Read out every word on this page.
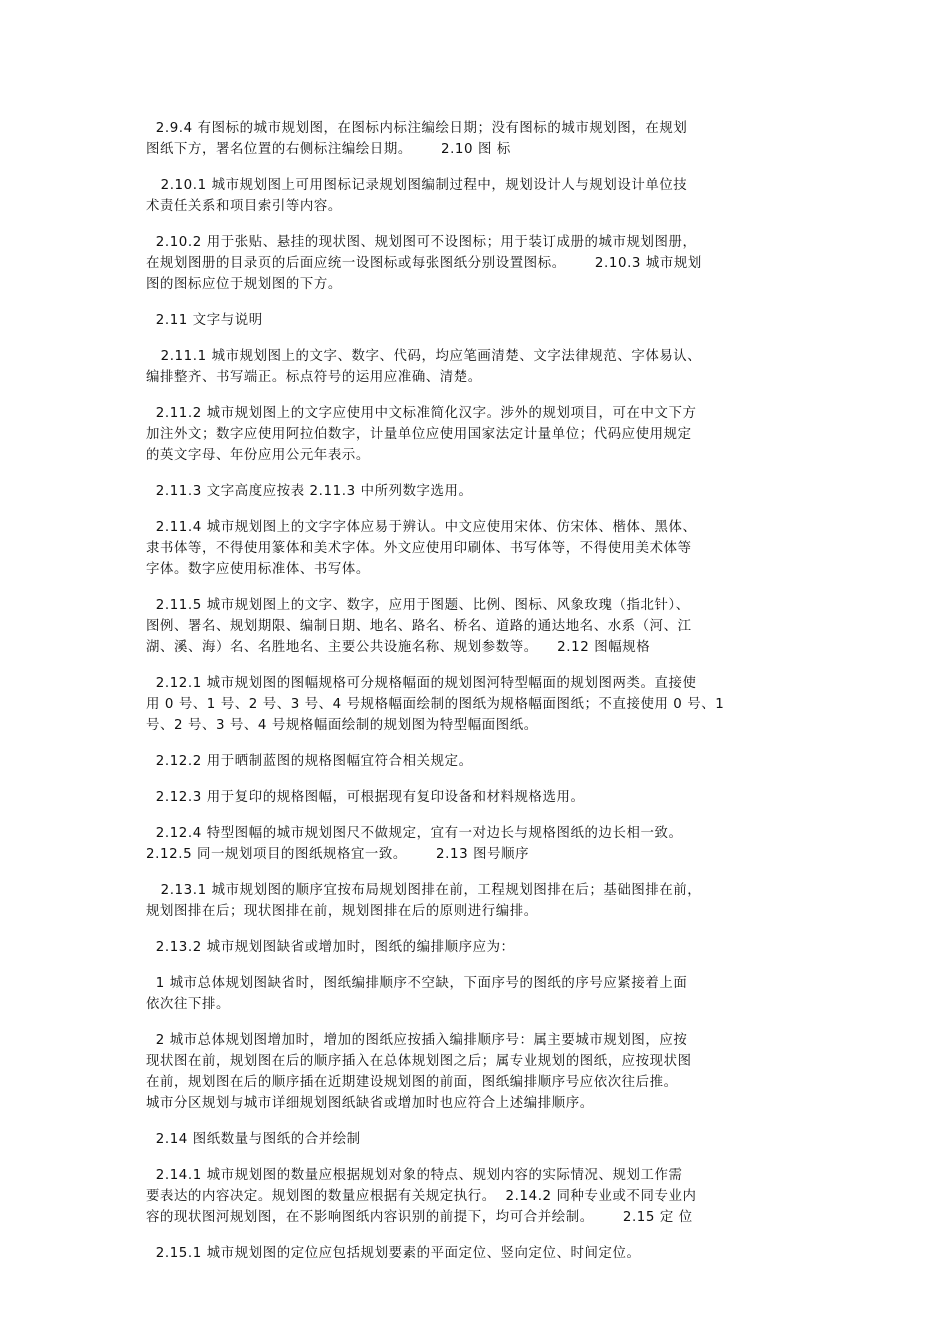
2.9.4 有图标的城市规划图，在图标内标注编绘日期；没有图标的城市规划图，在规划
图纸下方，署名位置的右侧标注编绘日期。      2.10 图 标
2.10.1 城市规划图上可用图标记录规划图编制过程中，规划设计人与规划设计单位技
术责任关系和项目索引等内容。
2.10.2 用于张贴、悬挂的现状图、规划图可不设图标；用于装订成册的城市规划图册，
在规划图册的目录页的后面应统一设图标或每张图纸分别设置图标。      2.10.3 城市规划
图的图标应位于规划图的下方。
2.11 文字与说明
2.11.1 城市规划图上的文字、数字、代码，均应笔画清楚、文字法律规范、字体易认、
编排整齐、书写端正。标点符号的运用应准确、清楚。
2.11.2 城市规划图上的文字应使用中文标准简化汉字。涉外的规划项目，可在中文下方
加注外文；数字应使用阿拉伯数字，计量单位应使用国家法定计量单位；代码应使用规定
的英文字母、年份应用公元年表示。
2.11.3 文字高度应按表 2.11.3 中所列数字选用。
2.11.4 城市规划图上的文字字体应易于辨认。中文应使用宋体、仿宋体、楷体、黑体、
隶书体等，不得使用篆体和美术字体。外文应使用印刷体、书写体等，不得使用美术体等
字体。数字应使用标准体、书写体。
2.11.5 城市规划图上的文字、数字，应用于图题、比例、图标、风象玫瑰（指北针）、
图例、署名、规划期限、编制日期、地名、路名、桥名、道路的通达地名、水系（河、江
湖、溪、海）名、名胜地名、主要公共设施名称、规划参数等。    2.12 图幅规格
2.12.1 城市规划图的图幅规格可分规格幅面的规划图河特型幅面的规划图两类。直接使
用 0 号、1 号、2 号、3 号、4 号规格幅面绘制的图纸为规格幅面图纸；不直接使用 0 号、1
号、2 号、3 号、4 号规格幅面绘制的规划图为特型幅面图纸。
2.12.2 用于晒制蓝图的规格图幅宜符合相关规定。
2.12.3 用于复印的规格图幅，可根据现有复印设备和材料规格选用。
2.12.4 特型图幅的城市规划图尺不做规定，宜有一对边长与规格图纸的边长相一致。
2.12.5 同一规划项目的图纸规格宜一致。      2.13 图号顺序
2.13.1 城市规划图的顺序宜按布局规划图排在前，工程规划图排在后；基础图排在前，
规划图排在后；现状图排在前，规划图排在后的原则进行编排。
2.13.2 城市规划图缺省或增加时，图纸的编排顺序应为：
1 城市总体规划图缺省时，图纸编排顺序不空缺，下面序号的图纸的序号应紧接着上面
依次往下排。
2 城市总体规划图增加时，增加的图纸应按插入编排顺序号：属主要城市规划图，应按
现状图在前，规划图在后的顺序插入在总体规划图之后；属专业规划的图纸，应按现状图
在前，规划图在后的顺序插在近期建设规划图的前面，图纸编排顺序号应依次往后推。
城市分区规划与城市详细规划图纸缺省或增加时也应符合上述编排顺序。
2.14 图纸数量与图纸的合并绘制
2.14.1 城市规划图的数量应根据规划对象的特点、规划内容的实际情况、规划工作需
要表达的内容决定。规划图的数量应根据有关规定执行。  2.14.2 同种专业或不同专业内
容的现状图河规划图，在不影响图纸内容识别的前提下，均可合并绘制。      2.15 定 位
2.15.1 城市规划图的定位应包括规划要素的平面定位、竖向定位、时间定位。
